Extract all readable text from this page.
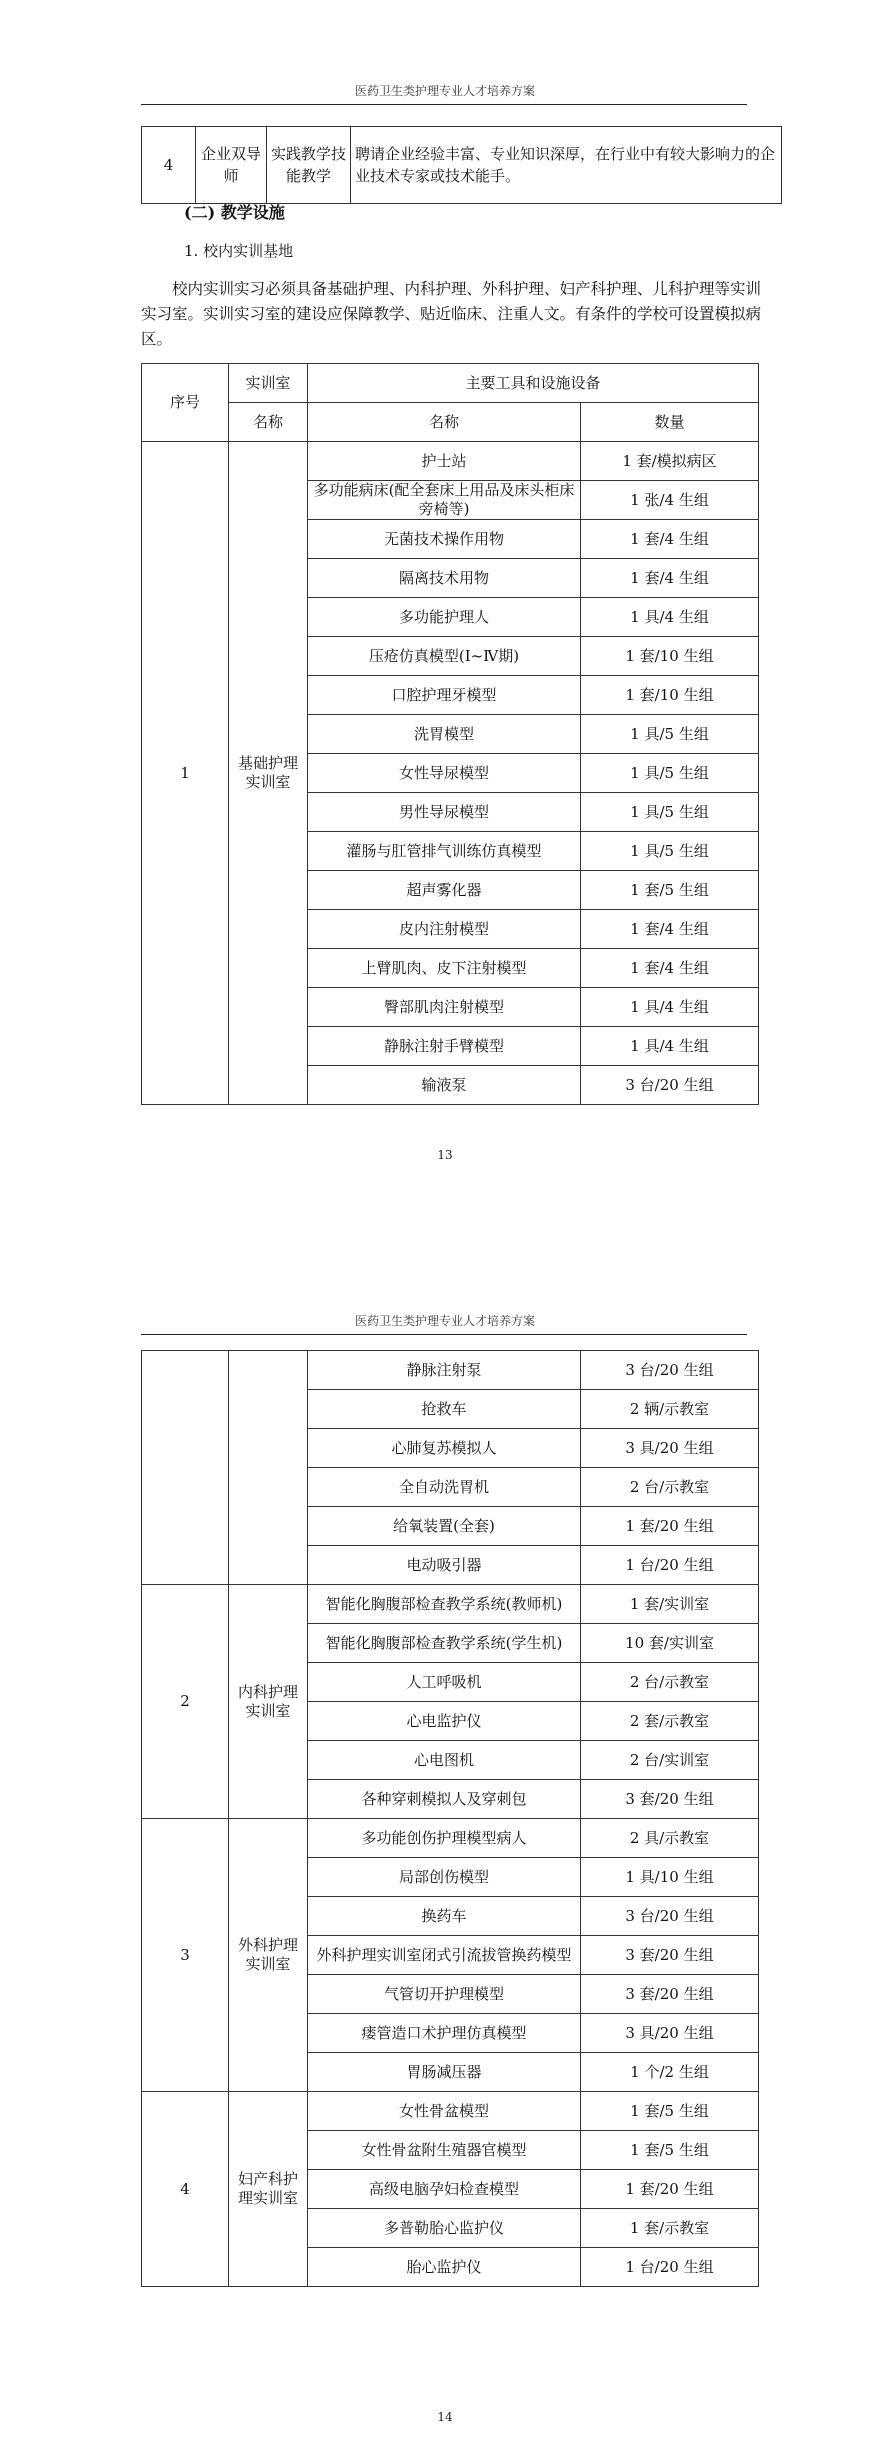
医药卫生类护理专业人才培养方案
4	企业双导师	实践教学技能教学	聘请企业经验丰富、专业知识深厚，在行业中有较大影响力的企业技术专家或技术能手。
(二) 教学设施
1. 校内实训基地
校内实训实习必须具备基础护理、内科护理、外科护理、妇产科护理、儿科护理等实训实习室。实训实习室的建设应保障教学、贴近临床、注重人文。有条件的学校可设置模拟病区。
序号	实训室	主要工具和设施设备	
	名称	名称	数量
1	基础护理实训室	护士站	1 套/模拟病区
		多功能病床(配全套床上用品及床头柜床旁椅等)	1 张/4 生组
		无菌技术操作用物	1 套/4 生组
		隔离技术用物	1 套/4 生组
		多功能护理人	1 具/4 生组
		压疮仿真模型(Ⅰ~Ⅳ期)	1 套/10 生组
		口腔护理牙模型	1 套/10 生组
		洗胃模型	1 具/5 生组
		女性导尿模型	1 具/5 生组
		男性导尿模型	1 具/5 生组
		灌肠与肛管排气训练仿真模型	1 具/5 生组
		超声雾化器	1 套/5 生组
		皮内注射模型	1 套/4 生组
		上臂肌肉、皮下注射模型	1 套/4 生组
		臀部肌肉注射模型	1 具/4 生组
		静脉注射手臂模型	1 具/4 生组
		输液泵	3 台/20 生组
13
医药卫生类护理专业人才培养方案
		静脉注射泵	3 台/20 生组
		抢救车	2 辆/示教室
		心肺复苏模拟人	3 具/20 生组
		全自动洗胃机	2 台/示教室
		给氧装置(全套)	1 套/20 生组
		电动吸引器	1 台/20 生组
2	内科护理实训室	智能化胸腹部检查教学系统(教师机)	1 套/实训室
		智能化胸腹部检查教学系统(学生机)	10 套/实训室
		人工呼吸机	2 台/示教室
		心电监护仪	2 套/示教室
		心电图机	2 台/实训室
		各种穿刺模拟人及穿刺包	3 套/20 生组
3	外科护理实训室	多功能创伤护理模型病人	2 具/示教室
		局部创伤模型	1 具/10 生组
		换药车	3 台/20 生组
		外科护理实训室闭式引流拔管换药模型	3 套/20 生组
		气管切开护理模型	3 套/20 生组
		瘘管造口术护理仿真模型	3 具/20 生组
		胃肠减压器	1 个/2 生组
4	妇产科护理实训室	女性骨盆模型	1 套/5 生组
		女性骨盆附生殖器官模型	1 套/5 生组
		高级电脑孕妇检查模型	1 套/20 生组
		多普勒胎心监护仪	1 套/示教室
		胎心监护仪	1 台/20 生组
14
